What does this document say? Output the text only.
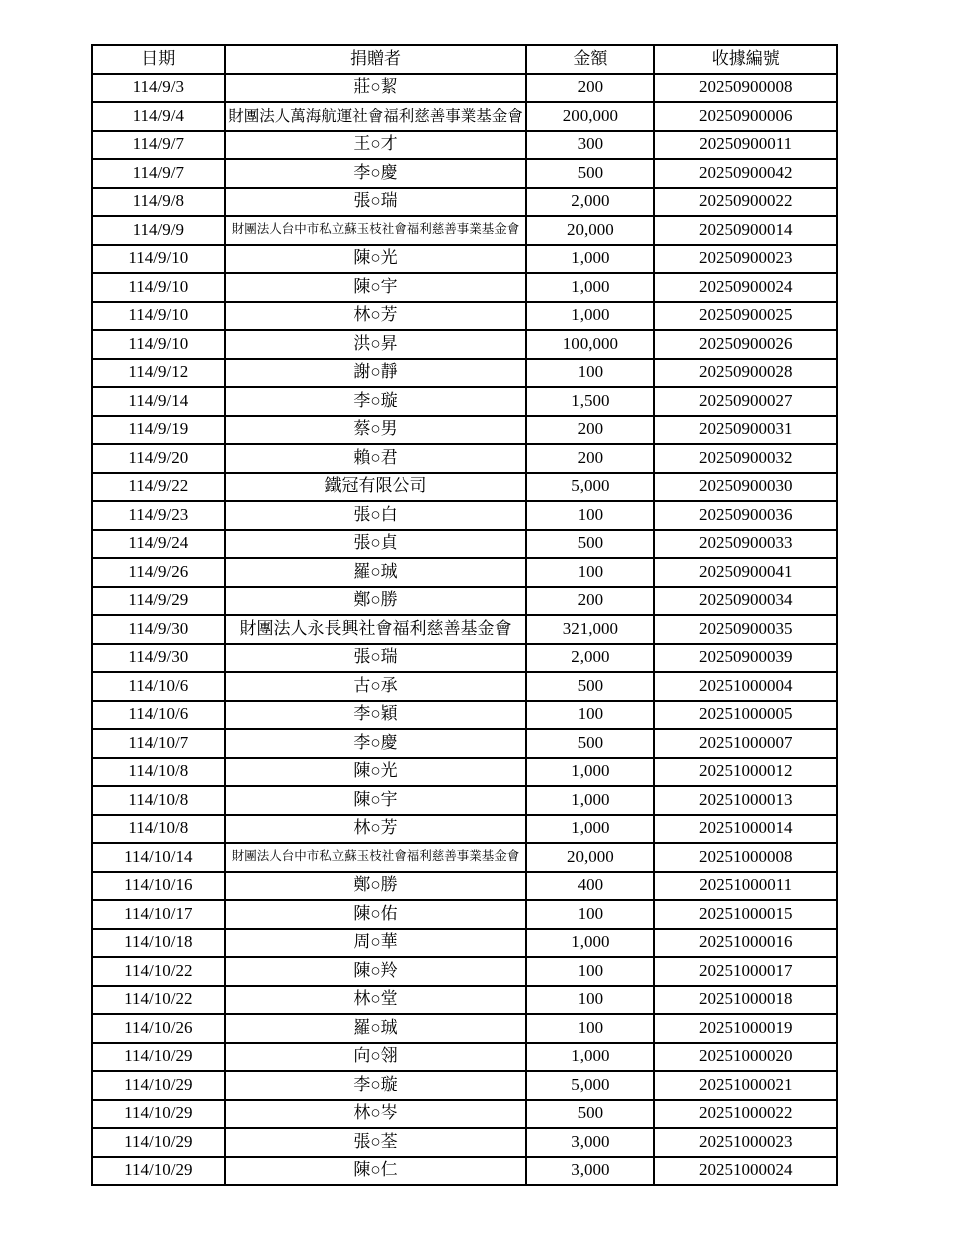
日期	捐贈者	金額	收據編號
114/9/3	莊○絜	200	20250900008
114/9/4	財團法人萬海航運社會福利慈善事業基金會	200,000	20250900006
114/9/7	王○才	300	20250900011
114/9/7	李○慶	500	20250900042
114/9/8	張○瑞	2,000	20250900022
114/9/9	財團法人台中市私立蘇玉枝社會福利慈善事業基金會	20,000	20250900014
114/9/10	陳○光	1,000	20250900023
114/9/10	陳○宇	1,000	20250900024
114/9/10	林○芳	1,000	20250900025
114/9/10	洪○昇	100,000	20250900026
114/9/12	謝○靜	100	20250900028
114/9/14	李○璇	1,500	20250900027
114/9/19	蔡○男	200	20250900031
114/9/20	賴○君	200	20250900032
114/9/22	鐵冠有限公司	5,000	20250900030
114/9/23	張○白	100	20250900036
114/9/24	張○貞	500	20250900033
114/9/26	羅○珹	100	20250900041
114/9/29	鄭○勝	200	20250900034
114/9/30	財團法人永長興社會福利慈善基金會	321,000	20250900035
114/9/30	張○瑞	2,000	20250900039
114/10/6	古○承	500	20251000004
114/10/6	李○穎	100	20251000005
114/10/7	李○慶	500	20251000007
114/10/8	陳○光	1,000	20251000012
114/10/8	陳○宇	1,000	20251000013
114/10/8	林○芳	1,000	20251000014
114/10/14	財團法人台中市私立蘇玉枝社會福利慈善事業基金會	20,000	20251000008
114/10/16	鄭○勝	400	20251000011
114/10/17	陳○佑	100	20251000015
114/10/18	周○華	1,000	20251000016
114/10/22	陳○羚	100	20251000017
114/10/22	林○堂	100	20251000018
114/10/26	羅○珹	100	20251000019
114/10/29	向○翎	1,000	20251000020
114/10/29	李○璇	5,000	20251000021
114/10/29	林○岑	500	20251000022
114/10/29	張○荃	3,000	20251000023
114/10/29	陳○仁	3,000	20251000024
